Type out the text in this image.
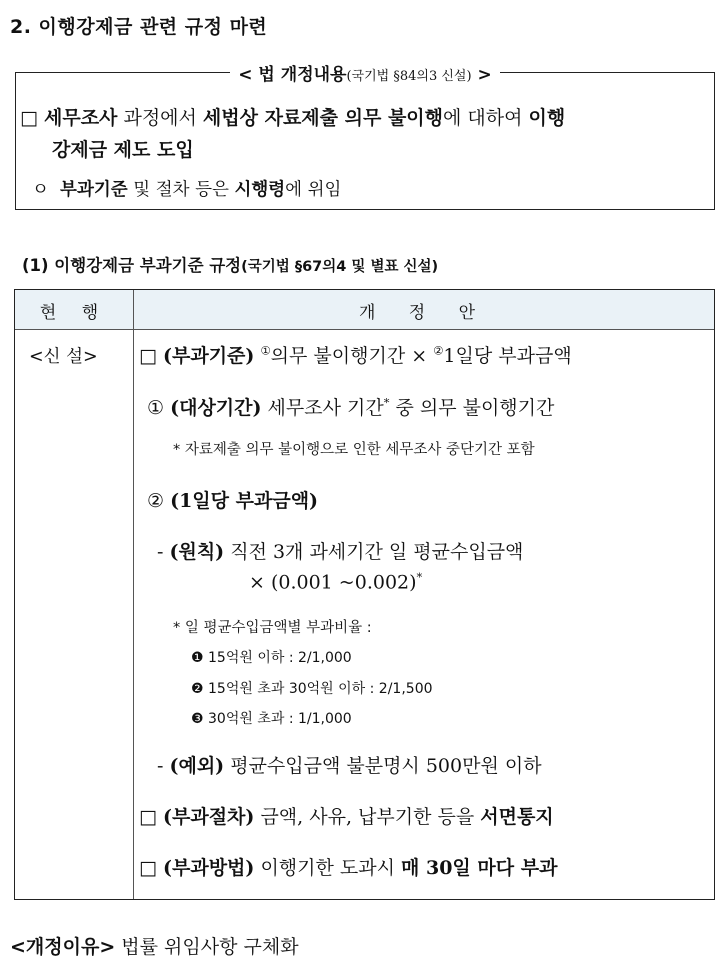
2. 이행강제금 관련 규정 마련
< 법 개정내용(국기법 §84의3 신설) >
□ 세무조사 과정에서 세법상 자료제출 의무 불이행에 대하여 이행
강제금 제도 도입
ㅇ 부과기준 및 절차 등은 시행령에 위임
(1) 이행강제금 부과기준 규정(국기법 §67의4 및 별표 신설)
현 행	개 정 안
<신 설> □ (부과기준) ①의무 불이행기간 × ②1일당 부과금액
① (대상기간) 세무조사 기간* 중 의무 불이행기간
* 자료제출 의무 불이행으로 인한 세무조사 중단기간 포함
② (1일당 부과금액)
- (원칙) 직전 3개 과세기간 일 평균수입금액
× (0.001 ~0.002)*
* 일 평균수입금액별 부과비율 :
❶ 15억원 이하 : 2/1,000
❷ 15억원 초과 30억원 이하 : 2/1,500
❸ 30억원 초과 : 1/1,000
- (예외) 평균수입금액 불분명시 500만원 이하
□ (부과절차) 금액, 사유, 납부기한 등을 서면통지
□ (부과방법) 이행기한 도과시 매 30일 마다 부과
<개정이유> 법률 위임사항 구체화
